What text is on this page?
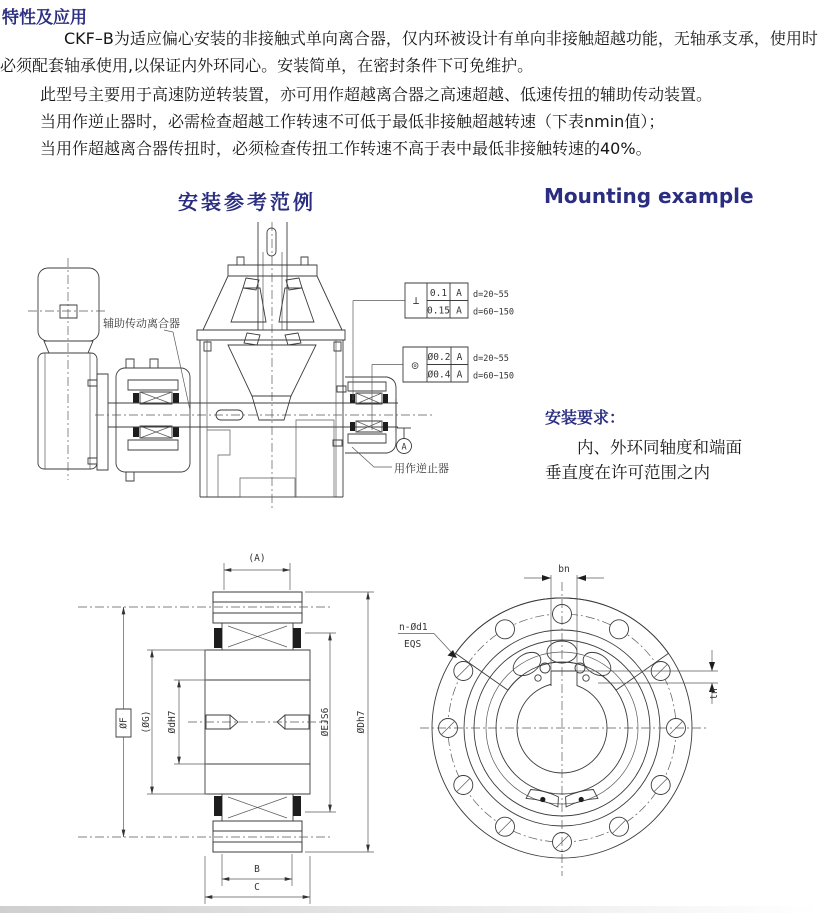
特性及应用

CKF–B为适应偏心安装的非接触式单向离合器，仅内环被设计有单向非接触超越功能，无轴承支承，使用时必须配套轴承使用,以保证内外环同心。安装简单，在密封条件下可免维护。

此型号主要用于高速防逆转装置，亦可用作超越离合器之高速超越、低速传扭的辅助传动装置。

当用作逆止器时，必需检查超越工作转速不可低于最低非接触超越转速（下表nmin值）；

当用作超越离合器传扭时，必须检查传扭工作转速不高于表中最低非接触转速的40%。

安装参考范例	Mounting example
安装要求：
内、外环同轴度和端面
垂直度在许可范围之内
辅助传动离合器
用作逆止器
A
⊥
0.1 A
0.15 A
d=20~55
d=60~150
◎
Ø0.2 A
Ø0.4 A
d=20~55
d=60~150
(A)
ØF (ØG) ØdH7	ØEJS6	ØDh7
B
C
bn
tn
n-Ød1
EQS
